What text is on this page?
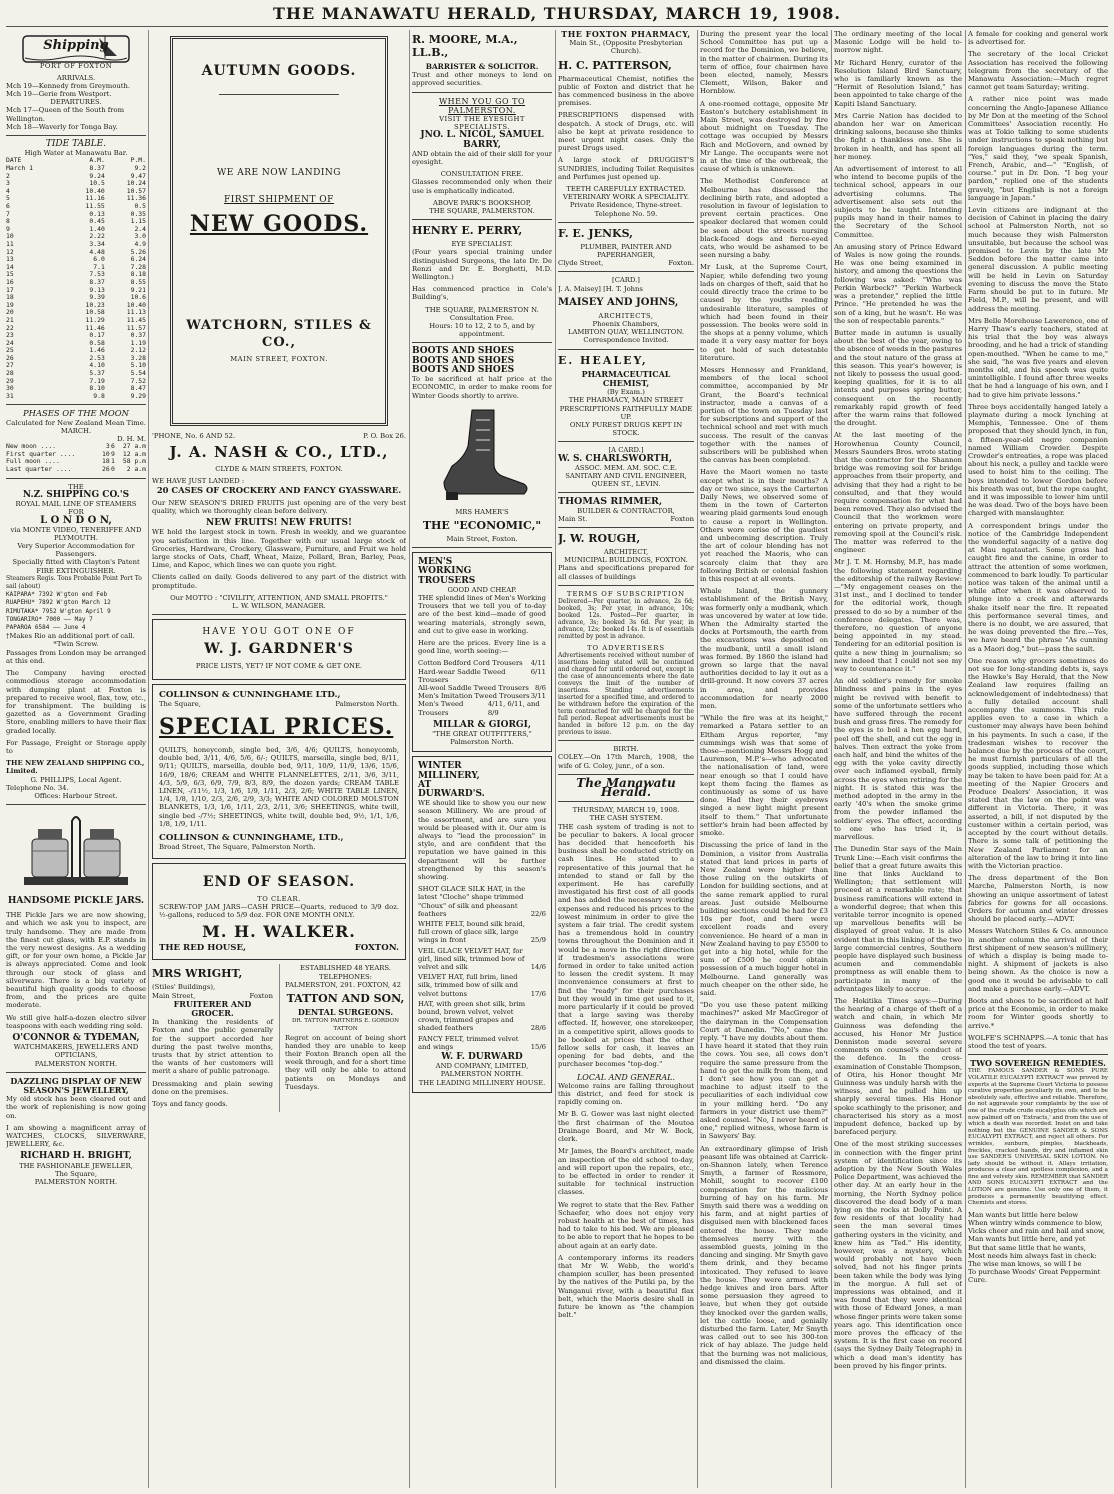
THE MANAWATU HERALD, THURSDAY, MARCH 19, 1908.
Shipping
PORT OF FOXTON
ARRIVALS.
Mch 19—Kennedy from Greymouth.
Mch 19—Gerie from Westport.
DEPARTURES.
Mch 17—Queen of the South from Wellington.
Mch 18—Waverly for Tonga Bay.
TIDE TABLE.
High Water at Manawatu Bar.
DATE	A.M.	P.M.
March 1	8.37	9.2
2	9.24	9.47
3	10.5	10.24
4	10.40	10.57
5	11.16	11.36
6	11.55	0.5
7	0.13	0.35
8	0.45	1.15
9	1.40	2.4
10	2.22	3.0
11	3.34	4.9
12	4.48	5.26
13	6.0	6.24
14	7.1	7.28
15	7.53	8.18
16	8.37	8.55
17	9.13	9.21
18	9.39	10.6
19	10.23	10.40
20	10.58	11.13
21	11.29	11.45
22	11.46	11.57
23	0.17	0.37
24	0.58	1.19
25	1.46	2.12
26	2.53	3.28
27	4.10	5.10
28	5.37	5.54
29	7.19	7.52
30	8.10	8.47
31	9.8	9.29
PHASES OF THE MOON
Calculated for New Zealand Mean Time.
MARCH.
D. H. M.
New moon ....	3	6	27 a.m
First quarter ....	10	9	12 a.m
Full moon ....	18	1	58 p.m
Last quarter ....	26	0	2 a.m
THE
N.Z. SHIPPING CO.'S
ROYAL MAIL LINE OF STEAMERS
FOR
L O N D O N,
via MONTE VIDEO, TENERIFFE AND PLYMOUTH.
Very Superior Accommodation for Passengers.
Specially fitted with Clayton's Patent FIRE EXTINGUISHER.
Steamers Regis. Tons Probable Point Port To sail (about)
KAIPARA* 7392 W'gton end Feb
RUAPEHU* 7892 W'gton March 12
RIMUTAKA* 7952 W'gton April 9
TONGARIRO* 7000 —— May 7
PAPAROA 6584 —— June 4
†Makes Rio an additional port of call.
*Twin Screw.

Passages from London may be arranged at this end.

The Company having erected commodious storage accommodation with dumping plant at Foxton is prepared to receive wool, flax, tow, etc., for transhipment. The building is gazetted as a Government Grading Store, enabling millers to have their flax graded locally.

For Passage, Freight or Storage apply to

THE NEW ZEALAND SHIPPING CO., Limited.
G. PHILLIPS, Local Agent.
Telephone No. 34.
Offices: Harbour Street.
HANDSOME PICKLE JARS.

THE Pickle Jars we are now showing, and which we ask you to inspect, are truly handsome. They are made from the finest cut glass, with E.P. stands in the very newest designs. As a wedding gift, or for your own home, a Pickle Jar is always appreciated. Come and look through our stock of glass and silverware. There is a big variety of beautiful high quality goods to choose from, and the prices are quite moderate.

We still give half-a-dozen electro silver teaspoons with each wedding ring sold.

O'CONNOR & TYDEMAN,
WATCHMAKERS, JEWELLERS AND OPTICIANS,
PALMERSTON NORTH.
DAZZLING DISPLAY OF NEW SEASON'S JEWELLERY,

My old stock has been cleared out and the work of replenishing is now going on.

I am showing a magnificent array of WATCHES, CLOCKS, SILVERWARE, JEWELLERY, &c.

RICHARD H. BRIGHT,
THE FASHIONABLE JEWELLER,
The Square,
PALMERSTON NORTH.
AUTUMN GOODS.
WE ARE NOW LANDING
FIRST SHIPMENT OF
NEW GOODS.
WATCHORN, STILES & CO.,
MAIN STREET, FOXTON.
'PHONE, No. 6 AND 52.	P. O. Box 26.
J. A. NASH & CO., LTD.,
CLYDE & MAIN STREETS, FOXTON.
WE HAVE JUST LANDED :
20 CASES OF CROCKERY AND FANCY GYASSWARE.

Our NEW SEASON'S DRIED FRUITS just opening are of the very best quality, which we thoroughly clean before delivery.

NEW FRUITS! NEW FRUITS!

WE hold the largest stock in town. Fresh in weekly, and we guarantee you satisfaction in this line. Together with our usual large stock of Groceries, Hardware, Crockery, Glassware, Furniture, and Fruit we hold large stocks of Oats, Chaff, Wheat, Maize, Pollard, Bran, Barley, Peas, Lime, and Kapoc, which lines we can quote you right.

Clients called on daily. Goods delivered to any part of the district with promptitude.

Our MOTTO : "CIVILITY, ATTENTION, AND SMALL PROFITS."
L. W. WILSON, MANAGER.
HAVE YOU GOT ONE OF
W. J. GARDNER'S
PRICE LISTS, YET? IF NOT COME & GET ONE.
COLLINSON & CUNNINGHAME LTD.,
The Square,	Palmerston North.
SPECIAL PRICES.

QUILTS, honeycomb, single bed, 3/6, 4/6; QUILTS, honeycomb, double bed, 3/11, 4/6, 5/6, 6/-; QUILTS, marseilla, single bed, 8/11, 9/11; QUILTS, marseilla, double bed, 9/11, 10/9, 11/9, 13/6, 15/6, 16/9, 18/6; CREAM and WHITE FLANNELETTES, 2/11, 3/6, 3/11, 4/3, 5/9, 6/3, 6/9, 7/9, 8/3, 8/9, the dozen yards; CREAM TABLE LINEN, -/11½, 1/3, 1/6, 1/9, 1/11, 2/3, 2/6; WHITE TABLE LINEN, 1/4, 1/8, 1/10, 2/3, 2/6, 2/9, 3/3; WHITE AND COLORED MOLSTON BLANKETS, 1/3, 1/6, 1/11, 2/3, 2/11, 3/6; SHEETINGS, white twill, single bed -/7½; SHEETINGS, white twill, double bed, 9½, 1/1, 1/6, 1/8, 1/9, 1/11.

COLLINSON & CUNNINGHAME, LTD.,
Broad Street, The Square, Palmerston North.
END OF SEASON.
TO CLEAR.

SCREW-TOP JAM JARS—CASH PRICE—Quarts, reduced to 3/9 doz. ½-gallons, reduced to 5/9 doz. FOR ONE MONTH ONLY.

M. H. WALKER.
THE RED HOUSE,	FOXTON.
MRS WRIGHT,
(Stiles' Buildings),
Main Street,	Foxton
FRUITERER AND GROCER.

In thanking the residents of Foxton and the public generally for the support accorded her during the past twelve months, trusts that by strict attention to the wants of her customers will merit a share of public patronage.

Dressmaking and plain sewing done on the premises.

Toys and fancy goods.

ESTABLISHED 48 YEARS.
TELEPHONES:
PALMERSTON, 291. FOXTON, 42
TATTON AND SON,
DENTAL SURGEONS.
DR. TATTON PARTNERS E. GORDON TATTON

Regret on account of being short handed they are unable to keep their Foxton Branch open all the week through, and for a short time they will only be able to attend patients on Mondays and Tuesdays.

R. MOORE, M.A., LL.B.,
BARRISTER & SOLICITOR.

Trust and other moneys to lend on approved securities.

WHEN YOU GO TO PALMERSTON.
VISIT THE EYESIGHT SPECIALISTS.
JNO. L. NICOL, SAMUEL BARRY,

AND obtain the aid of their skill for your eyesight.

CONSULTATION FREE.

Glasses recommended only when their use is emphatically indicated.

ABOVE PARK'S BOOKSHOP,
THE SQUARE, PALMERSTON.
HENRY E. PERRY,
EYE SPECIALIST.

(Four years special training under distinguished Surgeons, the late Dr. De Renzi and Dr. E. Borghetti, M.D. Wellington.)

Has commenced practice in Cole's Building's,

THE SQUARE, PALMERSTON N.
Consultation Free.
Hours: 10 to 12, 2 to 5, and by appointment.
BOOTS AND SHOES
BOOTS AND SHOES
BOOTS AND SHOES

To be sacrificed at half price at the ECONOMIC, in order to make room for Winter Goods shortly to arrive.

MRS HAMER'S
THE "ECONOMIC,"
Main Street, Foxton.
MEN'S WORKING TROUSERS
GOOD AND CHEAP.

THE splendid lines of Men's Working Trousers that we tell you of to-day are of the best kind—made of good wearing materials, strongly sewn, and cut to give ease in working.

Here are the prices. Every line is a good line, worth seeing:—

Cotton Bedford Cord Trousers 4/11
Hard-wear Saddle Tweed Trousers
6/11
All-wool Saddle Tweed Trousers 8/6
Men's Imitation Tweed Trousers 3/11
Men's Tweed Trousers
4/11, 6/11, and 8/9
MILLAR & GIORGI,
"THE GREAT OUTFITTERS,"
Palmerston North.
WINTER MILLINERY, AT DURWARD'S.

WE should like to show you our new season Millinery. We are proud of the assortment, and are sure you would be pleased with it. Our aim is always to "lead the procession" in style, and are confident that the reputation we have gained in this department will be further strengthened by this season's showing.

SHOT GLACE SILK HAT, in the latest "Cloche" shape trimmed "Choux" of silk and pheasant feathers	22/6
WHITE FELT, bound silk braid, full crown of glace silk, large wings in front	25/9
VEIL GLACE VELVET HAT, for girl, lined silk, trimmed bow of velvet and silk	14/6
VELVET HAT, full brim, lined silk, trimmed bow of silk and velvet buttons	17/6
HAT, with green shot silk, brim bound, brown velvet, velvet crown, trimmed grapes and shaded feathers	28/6
FANCY FELT, trimmed velvet and wings	15/6
W. F. DURWARD
AND COMPANY, LIMITED,
PALMERSTON NORTH.
THE LEADING MILLINERY HOUSE.
THE FOXTON PHARMACY,
Main St., (Opposite Presbyterian Church).
H. C. PATTERSON,

Pharmaceutical Chemist, notifies the public of Foxton and district that he has commenced business in the above premises.

PRESCRIPTIONS dispensed with despatch. A stock of Drugs, etc. will also be kept at private residence to meet urgent night cases. Only the purest Drugs used.

A large stock of DRUGGIST'S SUNDRIES, including Toilet Requisites and Perfumes just opened up.

TEETH CAREFULLY EXTRACTED.
VETERINARY WORK A SPECIALITY.
Private Residence, Thyne-street.
Telephone No. 59.
F. E. JENKS,
PLUMBER, PAINTER AND PAPERHANGER,
Clyde Street,	Foxton.
[CARD.]
J. A. Maisey] [H. T. Johns
MAISEY AND JOHNS,
ARCHITECTS,
Phoenix Chambers,
LAMBTON QUAY, WELLINGTON.
Correspondence Invited.
E. HEALEY,
PHARMACEUTICAL CHEMIST,
(By Exam.)
THE PHARMACY, MAIN STREET
PRESCRIPTIONS FAITHFULLY MADE UP.
ONLY PUREST DRUGS KEPT IN STOCK.
[A CARD.]
W. S. CHARLSWORTH,
ASSOC. MEM. AM. SOC. C.E.
SANITARY AND CIVIL ENGINEER,
QUEEN ST., LEVIN.
THOMAS RIMMER,
BUILDER & CONTRACTOR,
Main St.	Foxton
J. W. ROUGH,
ARCHITECT,
MUNICIPAL BUILDINGS, FOXTON.

Plans and specifications prepared for all classes of buildings

TERMS OF SUBSCRIPTION

Delivered—Per quarter, in advance, 2s 6d; booked, 3s; Per year, in advance, 10s; booked 12s. Posted—Per quarter, in advance, 3s; booked 3s 6d. Per year, in advance, 12s; booked 14s. It is of essentials remitted by post in advance.

TO ADVERTISERS

Advertisements received without number of insertions being stated will be continued and charged for until ordered out, except in the case of announcements where the date conveys the limit of the number of insertions. Standing advertisements inserted for a specified time, and ordered to be withdrawn before the expiration of the term contracted for will be charged for the full period. Repeat advertisements must be handed in before 12 p.m. on the day previous to issue.

BIRTH.

COLEY.—On 17th March, 1908, the wife of G. Coley, junr., of a son.

The Manawatu Herald.
THURSDAY, MARCH 19, 1908.
THE CASH SYSTEM.

THE cash system of trading is not to be peculiar to bakers. A local grocer has decided that henceforth his business shall be conducted strictly on cash lines. He stated to a representative of this journal that he intended to stand or fall by the experiment. He has carefully investigated his first cost of all goods and has added the necessary working expenses and reduced his prices to the lowest minimum in order to give the system a fair trial. The credit system has a tremendous hold in country towns throughout the Dominion and it would be a move in the right direction if tradesmen's associations were formed in order to take united action to lessen the credit system. It may inconvenience consumers at first to find the "ready" for their purchases but they would in time get used to it, more particularly if it could be proved that a large saving was thereby effected. If, however, one storekeeper, in a competitive spirit, allows goods to be booked at prices that the other fellow sells for cash, it leaves an opening for bad debts, and the purchaser becomes "top-dog."

LOCAL AND GENERAL.

Welcome rains are falling throughout this district, and feed for stock is rapidly coming on.

Mr B. G. Gower was last night elected the first chairman of the Moutoa Drainage Board, and Mr W. Bock, clerk.

Mr James, the Board's architect, made an inspection of the old school to-day, and will report upon the repairs, etc., to be effected in order to render it suitable for technical instruction classes.

We regret to state that the Rev. Father Schaefer, who does not enjoy very robust health at the best of times, has had to take to his bed. We are pleased to be able to report that he hopes to be about again at an early date.

A contemporary informs its readers that Mr W. Webb, the world's champion sculler, has been presented by the natives of the Putiki pa, by the Wanganui river, with a beautiful flax belt, which the Maoris desire shall in future be known as "the champion belt."

During the present year the local School Committee has put up a record for the Dominion, we believe, in the matter of chairmen. During its term of office, four chairmen have been elected, namely, Messrs Clemett, Wilson, Baker and Hornblow.

A one-roomed cottage, opposite Mr Easton's butchery establishment in Main Street, was destroyed by fire about midnight on Tuesday. The cottage was occupied by Messrs Rich and McGovern, and owned by Mr Lange. The occupants were not in at the time of the outbreak, the cause of which is unknown.

The Methodist Conference at Melbourne has discussed the declining birth rate, and adopted a resolution in favour of legislation to prevent certain practices. One speaker declared that women could be seen about the streets nursing black-faced dogs and fierce-eyed cats, who would be ashamed to be seen nursing a baby.

Mr Lusk, at the Supreme Court, Napier, while defending two young lads on charges of theft, said that he could directly trace the crime to be caused by the youths reading undesirable literature, samples of which had been found in their possession. The books were sold in the shops at a penny volume, which made it a very easy matter for boys to get hold of such detestable literature.

Messrs Hennessy and Frankland, members of the local school committee, accompanied by Mr Grant, the Board's technical instructor, made a canvas of a portion of the town on Tuesday last for subscriptions and support of the technical school and met with much success. The result of the canvas together with the names of subscribers will be published when the canvas has been completed.

Have the Maori women no taste except what is in their mouths? A day or two since, says the Carterton Daily News, we observed some of them in the town of Carterton wearing plaid garments loud enough to cause a report in Wellington. Others wore cerise of the gaudiest and unbecoming description. Truly the art of colour blending has not yet reached the Maoris, who can scarcely claim that they are following British or colonial fashion in this respect at all events.

Whale Island, the gunnery establishment of the British Navy, was formerly only a mudbank, which was uncovered by water at low tide. When the Admiralty started the docks at Portsmouth, the earth from the excavations was deposited on the mudbank, until a small island was formed. By 1860 the island had grown so large that the naval authorities decided to lay it out as a drill-ground. It now covers 37 acres in area, and provides accommodation for nearly 2000 men.

"While the fire was at its height," remarked a Patara settler to an Eltham Argus reporter, "my cummings wish was that some of those—mentioning Messrs Hogg and Laurenson, M.P.'s—who advocated the nationalisation of land, were near enough so that I could have kept them facing the flames as continuously as some of us have done. Had they their eyebrows singed a new light might present itself to them." That unfortunate settler's brain had been affected by smoke.

Discussing the price of land in the Dominion, a visitor from Australia stated that land prices in parts of New Zealand were higher than those ruling on the outskirts of London for building sections, and at the same remark applied to rural areas. Just outside Melbourne building sections could be had for £3 10s per foot, and there were excellent roads and every convenience. He heard of a man in New Zealand having to pay £5500 to get into a big hotel, while for the sum of £500 he could obtain possession of a much bigger hotel in Melbourne. Land generally was much cheaper on the other side, he said.

"Do you use these patent milking machines?" asked Mr MacGregor of the dairyman in the Compensation Court at Dunedin. "No," came the reply. "I have my doubts about them. I have heard it stated that they ruin the cows. You see, all cows don't require the same pressure from the hand to get the milk from them, and I don't see how you can get a machine to adjust itself to the peculiarities of each individual cow in your milking herd. "Do any farmers in your district use them?" asked counsel. "No, I never heard of one," replied witness, whose farm is in Sawyers' Bay.

An extraordinary glimpse of Irish peasant life was obtained at Carrick-on-Shannon lately, when Terence Smyth, a farmer of Rossmore, Mohill, sought to recover £100 compensation for the malicious burning of hay on his farm. Mr Smyth said there was a wedding on his farm, and at night parties of disguised men with blackened faces entered the house. They made themselves merry with the assembled guests, joining in the dancing and singing. Mr Smyth gave them drink, and they became intoxicated. They refused to leave the house. They were armed with hedge knives and iron bars. After some persuasion they agreed to leave, but when they got outside they knocked over the garden walls, let the cattle loose, and genially disturbed the farm. Later, Mr Smyth was called out to see his 300-ton rick of hay ablaze. The judge held that the burning was not malicious, and dismissed the claim.

The ordinary meeting of the local Masonic Lodge will be held to-morrow night.

Mr Richard Henry, curator of the Resolution Island Bird Sanctuary, who is familiarly known as the "Hermit of Resolution Island," has been appointed to take charge of the Kapiti Island Sanctuary.

Mrs Carrie Nation has decided to abandon her war on American drinking saloons, because she thinks the fight a thankless one. She is broken in health, and has spent all her money.

An advertisement of interest to all who intend to become pupils of the technical school, appears in our advertising columns. The advertisement also sets out the subjects to be taught. Intending pupils may hand in their names to the Secretary of the School Committee.

An amusing story of Prince Edward of Wales is now going the rounds. He was one being examined in history, and among the questions the following was asked: "Who was Perkin Warbeck?" "Perkin Warbeck was a pretender," replied the little Prince. "He pretended he was the son of a king, but he wasn't. He was the son of respectable parents."

Butter made in autumn is usually about the best of the year, owing to the absence of weeds in the pastures and the stout nature of the grass at this season. This year's however, is not likely to possess the usual good-keeping qualities, for it is to all intents and purposes spring butter, consequent on the recently remarkably rapid growth of feed after the warm rains that followed the drought.

At the last meeting of the Horowhenua County Council, Messrs Saunders Bros. wrote stating that the contractor for the Shannon bridge was removing soil for bridge approaches from their property, and advising that they had a right to be consulted, and that they would require compensation for what had been removed. They also advised the Council that the workmen were entering on private property, and removing spoil at the Council's risk. The matter was referred to the engineer.

Mr J. T. M. Hornsby, M.P., has made the following statement regarding the editorship of the railway Review:—"My engagement ceases on the 31st inst., and I declined to tender for the editorial work, though pressed to do so by a number of the conference delegates. There was, therefore, no question of anyone being appointed in my stead. Tendering for an editorial position is quite a new thing in journalism; so new indeed that I could not see my way to countenance it."

An old soldier's remedy for smoke blindness and pains in the eyes might be revived with benefit to some of the unfortunate settlers who have suffered through the recent bush and grass fires. The remedy for the eyes is to boil a hen egg hard, peel off the shell, and cut the egg in halves. Then extract the yoke from each half, and bind the whites of the egg with the yoke cavity directly over each inflamed eyeball, firmly across the eyes when retiring for the night. It is stated this was the method adopted in the army in the early '40's when the smoke grime from the powder inflamed the soldiers' eyes. The effect, according to one who has tried it, is marvellous.

The Dunedin Star says of the Main Trunk Line:—Each visit confirms the belief that a great future awaits this line that links Auckland to Wellington; that settlement will proceed at a remarkable rate; that business ramifications will extend in a wonderful degree; that when this veritable terror incognito is opened up marvellous benefits will be displayed of great value. It is also evident that in this linking of the two large commercial centres, Southern people have displayed such business acumen and commendable promptness as will enable them to participate in many of the advantages likely to accrue.

The Hokitika Times says:—During the hearing of a charge of theft of a watch and chain, in which Mr Guinness was defending the accused, his Honor Mr Justice Denniston made several severe comments on counsel's conduct of the defence. In the cross-examination of Constable Thompson, of Otira, his Honor thought Mr Guinness was unduly harsh with the witness, and he pulled him up sharply several times. His Honor spoke scathingly to the prisoner, and characterised his story as a most impudent defence, backed up by barefaced perjury.

One of the most striking successes in connection with the finger print system of identification since its adoption by the New South Wales Police Department, was achieved the other day. At an early hour in the morning, the North Sydney police discovered the dead body of a man lying on the rocks at Dolly Point. A few residents of that locality had seen the man several times gathering oysters in the vicinity, and knew him as "Ted." His identity, however, was a mystery, which would probably not have been solved, had not his finger prints been taken while the body was lying in the morgue. A full set of impressions was obtained, and it was found that they were identical with those of Edward Jones, a man whose finger prints were taken some years ago. This identification once more proves the efficacy of the system. It is the first case on record (says the Sydney Daily Telegraph) in which a dead man's identity has been proved by his finger prints.

A female for cooking and general work is advertised for.

The secretary of the local Cricket Association has received the following telegram from the secretary of the Manawatu Association:—Much regret cannot get team Saturday; writing.

A rather nice point was made concerning the Anglo-Japanese Alliance by Mr Don at the meeting of the School Committees' Association recently. He was at Tokio talking to some students under instructions to speak nothing but foreign languages during the term. "Yes," said they, "we speak Spanish, French, Arabic, and—" "English, of course." put in Dr. Don. "I beg your pardon," replied one of the students gravely, "but English is not a foreign language in Japan."

Levin citizens are indignant at the decision of Cabinet in placing the dairy school at Palmerston North, not so much because they wish Palmerston unsuitable, but because the school was promised to Levin by the late Mr Seddon before the matter came into general discussion. A public meeting will be held in Levin on Saturday evening to discuss the move the State Farm should be put to in future. Mr Field, M.P., will be present, and will address the meeting.

Mrs Belle Morehouse Lawerence, one of Harry Thaw's early teachers, stated at his trial that the boy was always brooding, and he had a trick of standing open-mouthed. "When he came to me," she said, "he was five years and eleven months old, and his speech was quite unintelligible. I found after three weeks that he had a language of his own, and I had to give him private lessons."

Three boys accidentally hanged lately a playmate during a mock lynching at Memphis, Tennessee. One of them proposed that they should lynch, in fun, a fifteen-year-old negro companion named William Crowder. Despite Crowder's entreaties, a rope was placed about his neck, a pulley and tackle were used to hoist him to the ceiling. The boys intended to lower Gordon before his breath was out, but the rope caught, and it was impossible to lower him until he was dead. Two of the boys have been charged with manslaughter.

A correspondent brings under the notice of the Cambridge Independent the wonderful sagacity of a native dog at Mau ngatautari. Some grass had caught fire and the canine, in order to attract the attention of some workmen, commenced to bark loudly. To particular notice was taken of the animal until a while after when it was observed to plunge into a creek and afterwards shake itself near the fire. It repeated this performance several times, and there is no doubt, we are assured, that he was doing prevented the fire.—Yes, we have heard the phrase "As cunning as a Maori dog," but—pass the sault.

One reason why grocers sometimes do not sue for long-standing debts is, says the Hawke's Bay Herald, that the New Zealand law requires (failing an acknowledgement of indebtedness) that a fully detailed account shall accompany the summons. This rule applies even to a case in which a customer may always have been behind in his payments. In such a case, if the tradesman wishes to recover the balance due by the process of the court, he must furnish particulars of all the goods supplied, including those which may be taken to have been paid for. At a meeting of the Napier Grocers and Produce Dealers' Association, it was stated that the law on the point was different in Victoria. There, it was asserted, a bill, if not disputed by the customer within a certain period, was accepted by the court without details. There is some talk of petitioning the New Zealand Parliament for an alteration of the law to bring it into line with the Victorian practice.

The dress department of the Bon Marche, Palmerston North, is now showing an unique assortment of latest fabrics for gowns for all occasions. Orders for autumn and winter dresses should be placed early.—ADVT.

Messrs Watchorn Stiles & Co. announce in another column the arrival of their first shipment of new season's millinery, of which a display is being made to-night. A shipment of jackets is also being shown. As the choice is now a good one it would be advisable to call and make a purchase early.—ADVT.

Boots and shoes to be sacrificed at half price at the Economic, in order to make room for Winter goods shortly to arrive.*

WOLFE'S SCHNAPPS.—A tonic that has stood the test of years.

TWO SOVEREIGN REMEDIES.

THE FAMOUS SANDER & SONS PURE VOLATILE EUCALYPTI EXTRACT was proved by experts at the Supreme Court Victoria to possess curative properties peculiarly its own, and to be absolutely safe, effective and reliable. Therefore, do not aggravate your complaints by the use of one of the crude crude eucalyptus oils which are now palmed off on 'Extracts,' and from the use of which a death was recorded. Insist on and take nothing but the GENUINE SANDER & SONS EUCALYPTI EXTRACT, and reject all others. For wrinkles, sunburn, pimples, blackheads, freckles, cracked hands, dry and inflamed skin use SANDER'S UNIVERSAL SKIN LOTION. No lady should be without it. Allays irritation, produces a clear and spotless complexion, and a fine and velvety skin. REMEMBER that SANDER AND SONS EUCALYPTI EXTRACT and the LOTION are genuine. Use only one of them, it produces a permanently beautifying effect. Chemists and stores.

Man wants but little here below
When wintry winds commence to blow,
Vicks cheer and rain and hail and snow,
Man wants but little here, and yet
But that same little that he wants,
Most needs him always fast in check:
The wise man knows, so will I be
To purchase Woods' Great Peppermint Cure.
